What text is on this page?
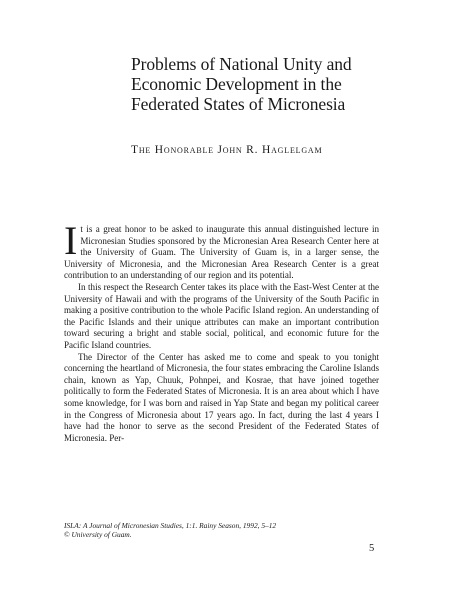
Problems of National Unity and
Economic Development in the
Federated States of Micronesia

The Honorable John R. Haglelgam

It is a great honor to be asked to inaugurate this annual distinguished lecture in Micronesian Studies sponsored by the Micronesian Area Research Center here at the University of Guam. The University of Guam is, in a larger sense, the University of Micronesia, and the Micronesian Area Research Center is a great contribution to an understanding of our region and its potential.

In this respect the Research Center takes its place with the East-West Center at the University of Hawaii and with the programs of the University of the South Pacific in making a positive contribution to the whole Pacific Island region. An understanding of the Pacific Islands and their unique attributes can make an important contribution toward securing a bright and stable social, political, and economic future for the Pacific Island countries.

The Director of the Center has asked me to come and speak to you tonight concerning the heartland of Micronesia, the four states embracing the Caroline Islands chain, known as Yap, Chuuk, Pohnpei, and Kosrae, that have joined together politically to form the Federated States of Micronesia. It is an area about which I have some knowledge, for I was born and raised in Yap State and began my political career in the Congress of Micronesia about 17 years ago. In fact, during the last 4 years I have had the honor to serve as the second President of the Federated States of Micronesia. Per-

ISLA: A Journal of Micronesian Studies, 1:1. Rainy Season, 1992, 5–12
© University of Guam.

5
